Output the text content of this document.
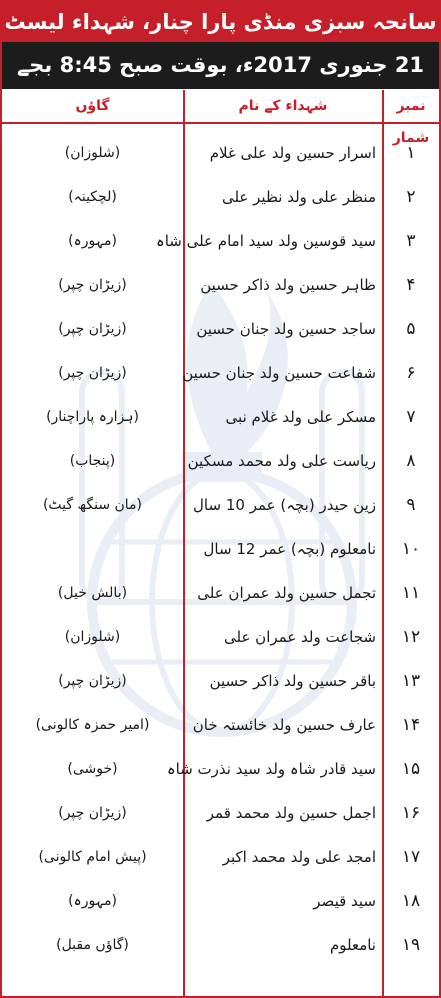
سانحہ سبزی منڈی پارا چنار، شہداء لیسٹ
21 جنوری 2017ء، بوقت صبح 8:45 بجے
نمبر شمار
شہداء کے نام
گاؤں
۱
اسرار حسین ولد علی غلام
(شلوزان)
۲
منظر علی ولد نظیر علی
(لچکینہ)
۳
سید قوسین ولد سید امام علی شاہ
(مہورہ)
۴
ظاہر حسین ولد ذاکر حسین
(زیڑان چپر)
۵
ساجد حسین ولد جنان حسین
(زیڑان چپر)
۶
شفاعت حسین ولد جنان حسین
(زیڑان چپر)
۷
مسکر علی ولد غلام نبی
(ہزارہ پاراچنار)
۸
ریاست علی ولد محمد مسکین
(پنجاب)
۹
زین حیدر (بچہ) عمر 10 سال
(مان سنگھ گیٹ)
۱۰
نامعلوم (بچہ) عمر 12 سال
۱۱
تجمل حسین ولد عمران علی
(بالش خیل)
۱۲
شجاعت ولد عمران علی
(شلوزان)
۱۳
باقر حسین ولد ذاکر حسین
(زیڑان چپر)
۱۴
عارف حسین ولد خائستہ خان
(امیر حمزہ کالونی)
۱۵
سید قادر شاہ ولد سید نذرت شاہ
(خوشی)
۱۶
اجمل حسین ولد محمد قمر
(زیڑان چپر)
۱۷
امجد علی ولد محمد اکبر
(پیش امام کالونی)
۱۸
سید قیصر
(مہورہ)
۱۹
نامعلوم
(گاؤں مقبل)
